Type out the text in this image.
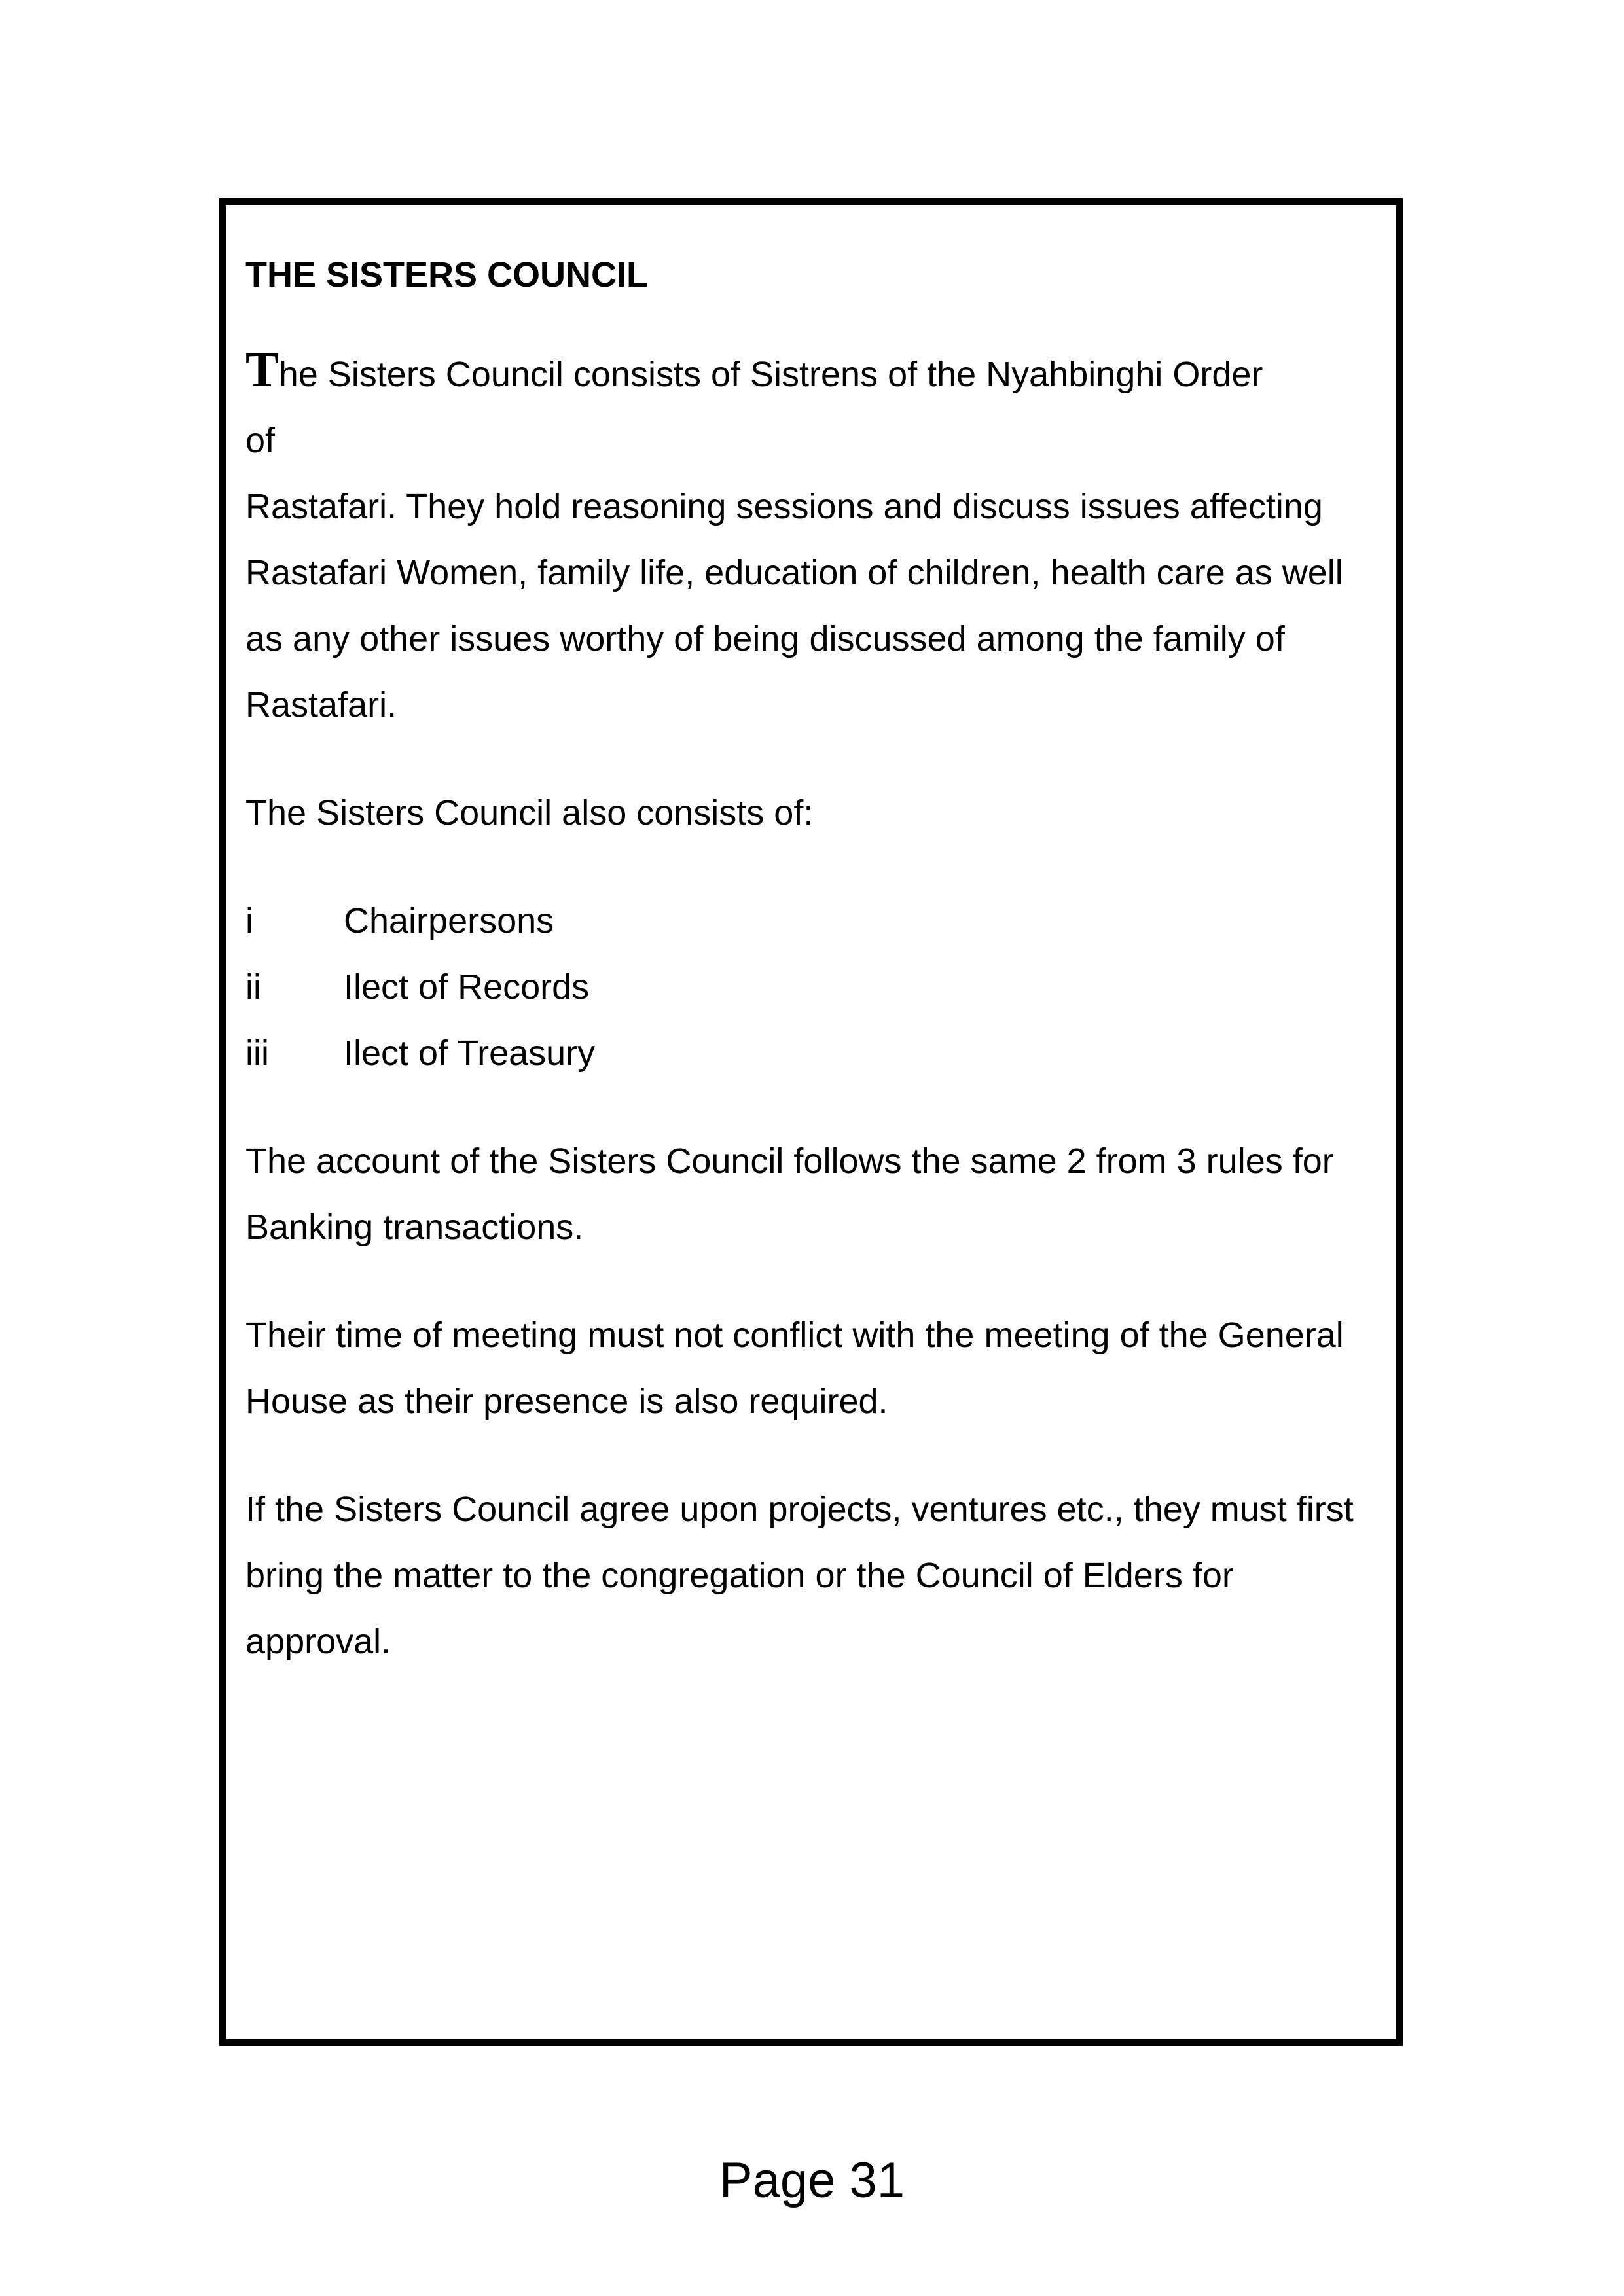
THE SISTERS COUNCIL
The Sisters Council consists of Sistrens of the Nyahbinghi Order
of
Rastafari. They hold reasoning sessions and discuss issues affecting Rastafari Women, family life, education of children, health care as well as any other issues worthy of being discussed among the family of Rastafari.
The Sisters Council also consists of:
i	Chairpersons
ii Ilect of Records
iii Ilect of Treasury
The account of the Sisters Council follows the same 2 from 3 rules for Banking transactions.
Their time of meeting must not conflict with the meeting of the General House as their presence is also required.
If the Sisters Council agree upon projects, ventures etc., they must first bring the matter to the congregation or the Council of Elders for approval.
Page 31
